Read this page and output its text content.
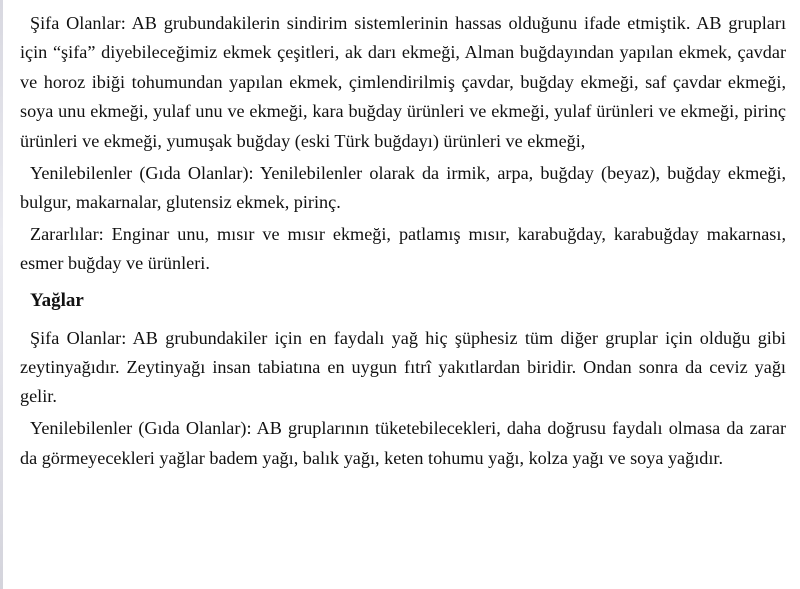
Şifa Olanlar: AB grubundakilerin sindirim sistemlerinin hassas olduğunu ifade etmiştik. AB grupları için “şifa” diyebileceğimiz ekmek çeşitleri, ak darı ekmeği, Alman buğdayından yapılan ekmek, çavdar ve horoz ibiği tohumundan yapılan ekmek, çimlendirilmiş çavdar, buğday ekmeği, saf çavdar ekmeği, soya unu ekmeği, yulaf unu ve ekmeği, kara buğday ürünleri ve ekmeği, yulaf ürünleri ve ekmeği, pirinç ürünleri ve ekmeği, yumuşak buğday (eski Türk buğdayı) ürünleri ve ekmeği,

Yenilebilenler (Gıda Olanlar): Yenilebilenler olarak da irmik, arpa, buğday (beyaz), buğday ekmeği, bulgur, makarnalar, glutensiz ekmek, pirinç.

Zararlılar: Enginar unu, mısır ve mısır ekmeği, patlamış mısır, karabuğday, karabuğday makarnası, esmer buğday ve ürünleri.

Yağlar

Şifa Olanlar: AB grubundakiler için en faydalı yağ hiç şüphesiz tüm diğer gruplar için olduğu gibi zeytinyağıdır. Zeytinyağı insan tabiatına en uygun fıtrî yakıtlardan biridir. Ondan sonra da ceviz yağı gelir.

Yenilebilenler (Gıda Olanlar): AB gruplarının tüketebilecekleri, daha doğrusu faydalı olmasa da zarar da görmeyecekleri yağlar badem yağı, balık yağı, keten tohumu yağı, kolza yağı ve soya yağıdır.
